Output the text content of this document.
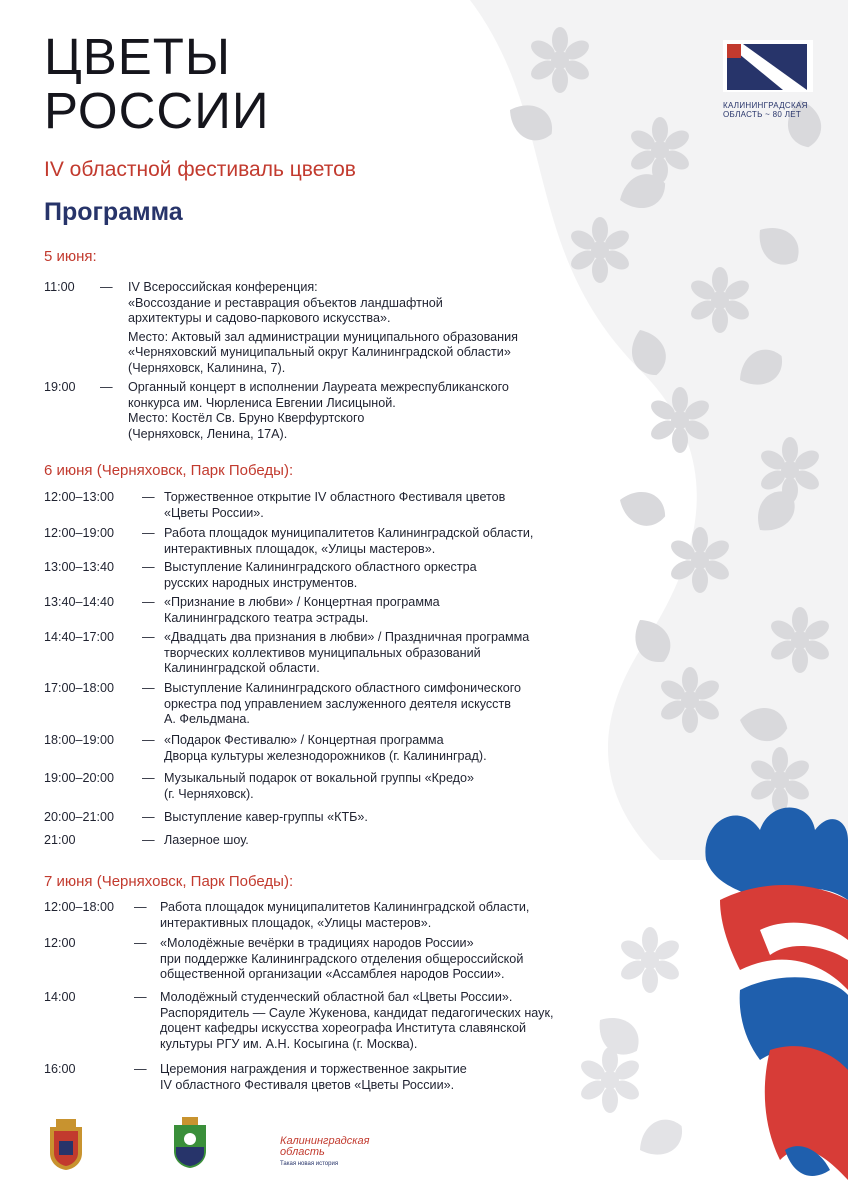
ЦВЕТЫ
РОССИИ
IV областной фестиваль цветов
Программа
КАЛИНИНГРАДСКАЯ
ОБЛАСТЬ ~ 80 ЛЕТ
5 июня:
11:00 — IV Всероссийская конференция:
«Воссоздание и реставрация объектов ландшафтной
архитектуры и садово-паркового искусства».
Место: Актовый зал администрации муниципального образования
«Черняховский муниципальный округ Калининградской области»
(Черняховск, Калинина, 7).
19:00 — Органный концерт в исполнении Лауреата межреспубликанского
конкурса им. Чюрлениса Евгении Лисицыной.
Место: Костёл Св. Бруно Кверфуртского
(Черняховск, Ленина, 17А).
6 июня (Черняховск, Парк Победы):
12:00–13:00 — Торжественное открытие IV областного Фестиваля цветов
«Цветы России».
12:00–19:00 — Работа площадок муниципалитетов Калининградской области,
интерактивных площадок, «Улицы мастеров».
13:00–13:40 — Выступление Калининградского областного оркестра
русских народных инструментов.
13:40–14:40 — «Признание в любви» / Концертная программа
Калининградского театра эстрады.
14:40–17:00 — «Двадцать два признания в любви» / Праздничная программа
творческих коллективов муниципальных образований
Калининградской области.
17:00–18:00 — Выступление Калининградского областного симфонического
оркестра под управлением заслуженного деятеля искусств
А. Фельдмана.
18:00–19:00 — «Подарок Фестивалю» / Концертная программа
Дворца культуры железнодорожников (г. Калининград).
19:00–20:00 — Музыкальный подарок от вокальной группы «Кредо»
(г. Черняховск).
20:00–21:00 — Выступление кавер-группы «КТБ».
21:00	— Лазерное шоу.
7 июня (Черняховск, Парк Победы):
12:00–18:00 — Работа площадок муниципалитетов Калининградской области,
интерактивных площадок, «Улицы мастеров».
12:00	— «Молодёжные вечёрки в традициях народов России»
при поддержке Калининградского отделения общероссийской
общественной организации «Ассамблея народов России».
14:00	— Молодёжный студенческий областной бал «Цветы России».
Распорядитель — Сауле Жукенова, кандидат педагогических наук,
доцент кафедры искусства хореографа Института славянской
культуры РГУ им. А.Н. Косыгина (г. Москва).
16:00	— Церемония награждения и торжественное закрытие
IV областного Фестиваля цветов «Цветы России».
Калининградская
область
Такая новая история
